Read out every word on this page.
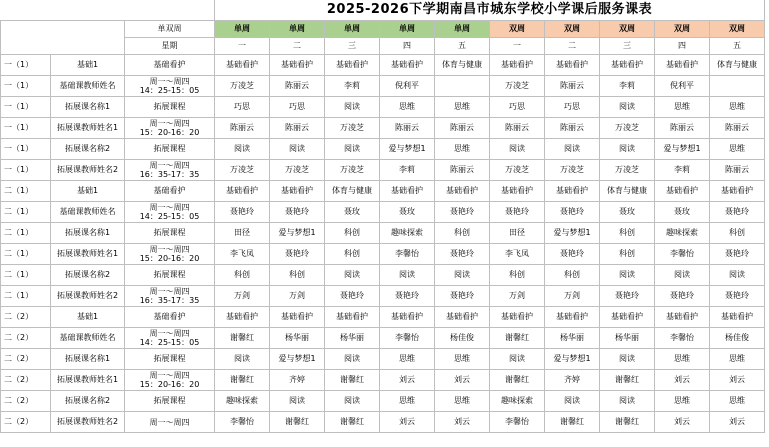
			2025-2026下学期南昌市城东学校小学课后服务课表									
		单双周	单周	单周	单周	单周	单周	双周	双周	双周	双周	双周
		星期	一	二	三	四	五	一	二	三	四	五
一（1）	基础1	基础看护	基础看护	基础看护	基础看护	基础看护	体育与健康	基础看护	基础看护	基础看护	基础看护	体育与健康
一（1）	基础课教师姓名	周一～周四
14：25-15：05	万凌芝	陈丽云	李莉	倪利平		万凌芝	陈丽云	李莉	倪利平	
一（1）	拓展课名称1	拓展课程	巧思	巧思	阅读	思维	思维	巧思	巧思	阅读	思维	思维
一（1）	拓展课教师姓名1	周一～周四
15：20-16：20	陈丽云	陈丽云	万凌芝	陈丽云	陈丽云	陈丽云	陈丽云	万凌芝	陈丽云	陈丽云
一（1）	拓展课名称2	拓展课程	阅读	阅读	阅读	爱与梦想1	思维	阅读	阅读	阅读	爱与梦想1	思维
一（1）	拓展课教师姓名2	周一～周四
16：35-17：35	万凌芝	万凌芝	万凌芝	李莉	陈丽云	万凌芝	万凌芝	万凌芝	李莉	陈丽云
二（1）	基础1	基础看护	基础看护	基础看护	体育与健康	基础看护	基础看护	基础看护	基础看护	体育与健康	基础看护	基础看护
二（1）	基础课教师姓名	周一～周四
14：25-15：05	聂艳玲	聂艳玲	聂玫	聂玫	聂艳玲	聂艳玲	聂艳玲	聂玫	聂玫	聂艳玲
二（1）	拓展课名称1	拓展课程	田径	爱与梦想1	科创	趣味探索	科创	田径	爱与梦想1	科创	趣味探索	科创
二（1）	拓展课教师姓名1	周一～周四
15：20-16：20	李飞凤	聂艳玲	科创	李馨怡	聂艳玲	李飞凤	聂艳玲	科创	李馨怡	聂艳玲
二（1）	拓展课名称2	拓展课程	科创	科创	阅读	阅读	阅读	科创	科创	阅读	阅读	阅读
二（1）	拓展课教师姓名2	周一～周四
16：35-17：35	万剑	万剑	聂艳玲	聂艳玲	聂艳玲	万剑	万剑	聂艳玲	聂艳玲	聂艳玲
二（2）	基础1	基础看护	基础看护	基础看护	基础看护	基础看护	基础看护	基础看护	基础看护	基础看护	基础看护	基础看护
二（2）	基础课教师姓名	周一～周四
14：25-15：05	谢馨红	杨华丽	杨华丽	李馨怡	杨佳俊	谢馨红	杨华丽	杨华丽	李馨怡	杨佳俊
二（2）	拓展课名称1	拓展课程	阅读	爱与梦想1	阅读	思维	思维	阅读	爱与梦想1	阅读	思维	思维
二（2）	拓展课教师姓名1	周一～周四
15：20-16：20	谢馨红	齐婷	谢馨红	刘云	刘云	谢馨红	齐婷	谢馨红	刘云	刘云
二（2）	拓展课名称2	拓展课程	趣味探索	阅读	阅读	思维	思维	趣味探索	阅读	阅读	思维	思维
二（2）	拓展课教师姓名2	周一～周四	李馨怡	谢馨红	谢馨红	刘云	刘云	李馨怡	谢馨红	谢馨红	刘云	刘云
